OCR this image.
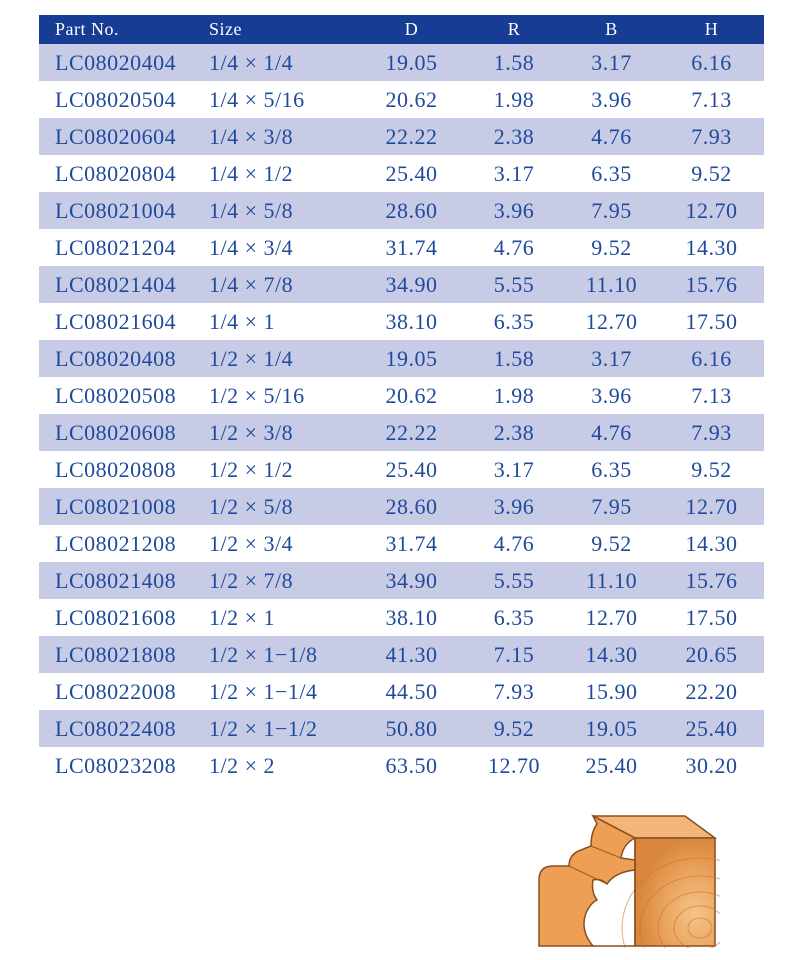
Part No.	Size	D	R	B	H
LC08020404	1/4 × 1/4	19.05	1.58	3.17	6.16
LC08020504	1/4 × 5/16	20.62	1.98	3.96	7.13
LC08020604	1/4 × 3/8	22.22	2.38	4.76	7.93
LC08020804	1/4 × 1/2	25.40	3.17	6.35	9.52
LC08021004	1/4 × 5/8	28.60	3.96	7.95	12.70
LC08021204	1/4 × 3/4	31.74	4.76	9.52	14.30
LC08021404	1/4 × 7/8	34.90	5.55	11.10	15.76
LC08021604	1/4 × 1	38.10	6.35	12.70	17.50
LC08020408	1/2 × 1/4	19.05	1.58	3.17	6.16
LC08020508	1/2 × 5/16	20.62	1.98	3.96	7.13
LC08020608	1/2 × 3/8	22.22	2.38	4.76	7.93
LC08020808	1/2 × 1/2	25.40	3.17	6.35	9.52
LC08021008	1/2 × 5/8	28.60	3.96	7.95	12.70
LC08021208	1/2 × 3/4	31.74	4.76	9.52	14.30
LC08021408	1/2 × 7/8	34.90	5.55	11.10	15.76
LC08021608	1/2 × 1	38.10	6.35	12.70	17.50
LC08021808	1/2 × 1−1/8	41.30	7.15	14.30	20.65
LC08022008	1/2 × 1−1/4	44.50	7.93	15.90	22.20
LC08022408	1/2 × 1−1/2	50.80	9.52	19.05	25.40
LC08023208	1/2 × 2	63.50	12.70	25.40	30.20
